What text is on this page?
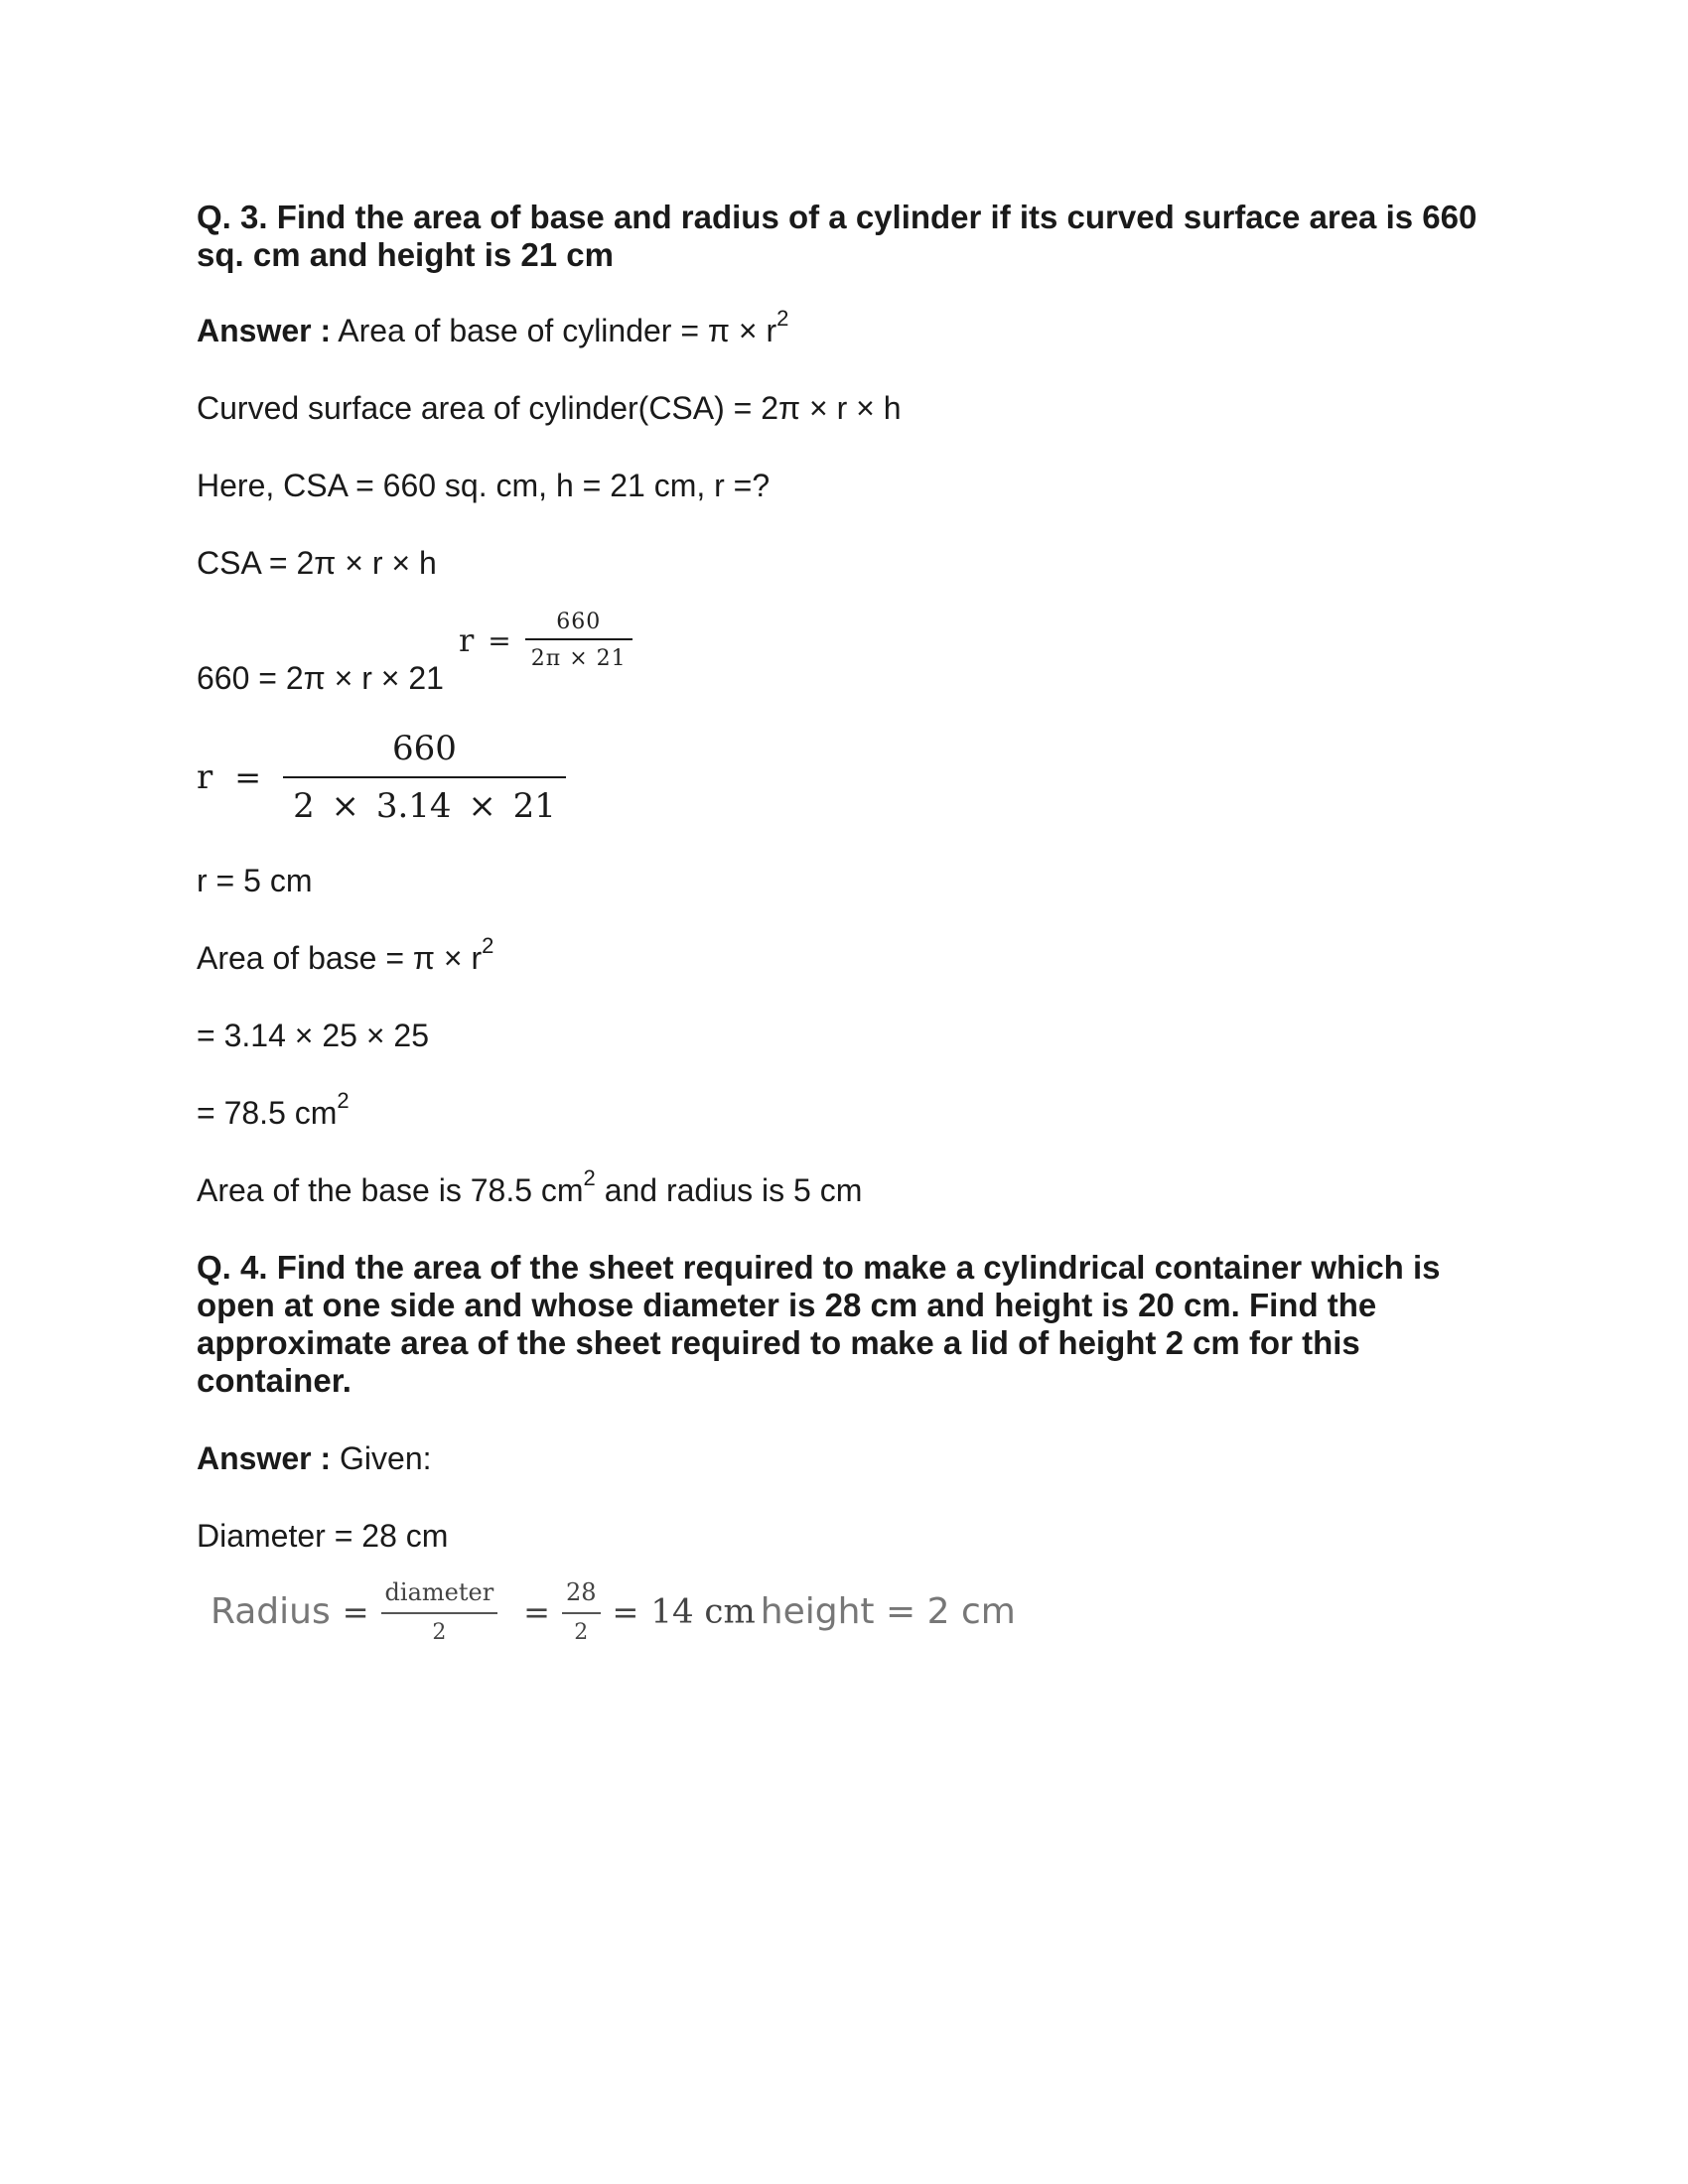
Q. 3. Find the area of base and radius of a cylinder if its curved surface area is 660 sq. cm and height is 21 cm
Answer : Area of base of cylinder = $\pi \times r^2$
Curved surface area of cylinder(CSA) = 2π × r × h
Here, CSA = 660 sq. cm, h = 21 cm, r =?
CSA = 2π × r × h
660 = 2π × r × 21
$r = \frac{660}{2\pi \times 21}$
$r = \frac{660}{2 \times 3.14 \times 21}$
r = 5 cm
Area of base = $\pi \times r^2$
= 3.14 × 25 × 25
= 78.5 $cm^2$
Area of the base is 78.5 $cm^2$ and radius is 5 cm
Q. 4. Find the area of the sheet required to make a cylindrical container which is open at one side and whose diameter is 28 cm and height is 20 cm. Find the approximate area of the sheet required to make a lid of height 2 cm for this container.
Answer : Given:
Diameter = 28 cm
Radius = $\frac{\text{diameter}}{2} = \frac{28}{2} = 14$ cm height = 2 cm
